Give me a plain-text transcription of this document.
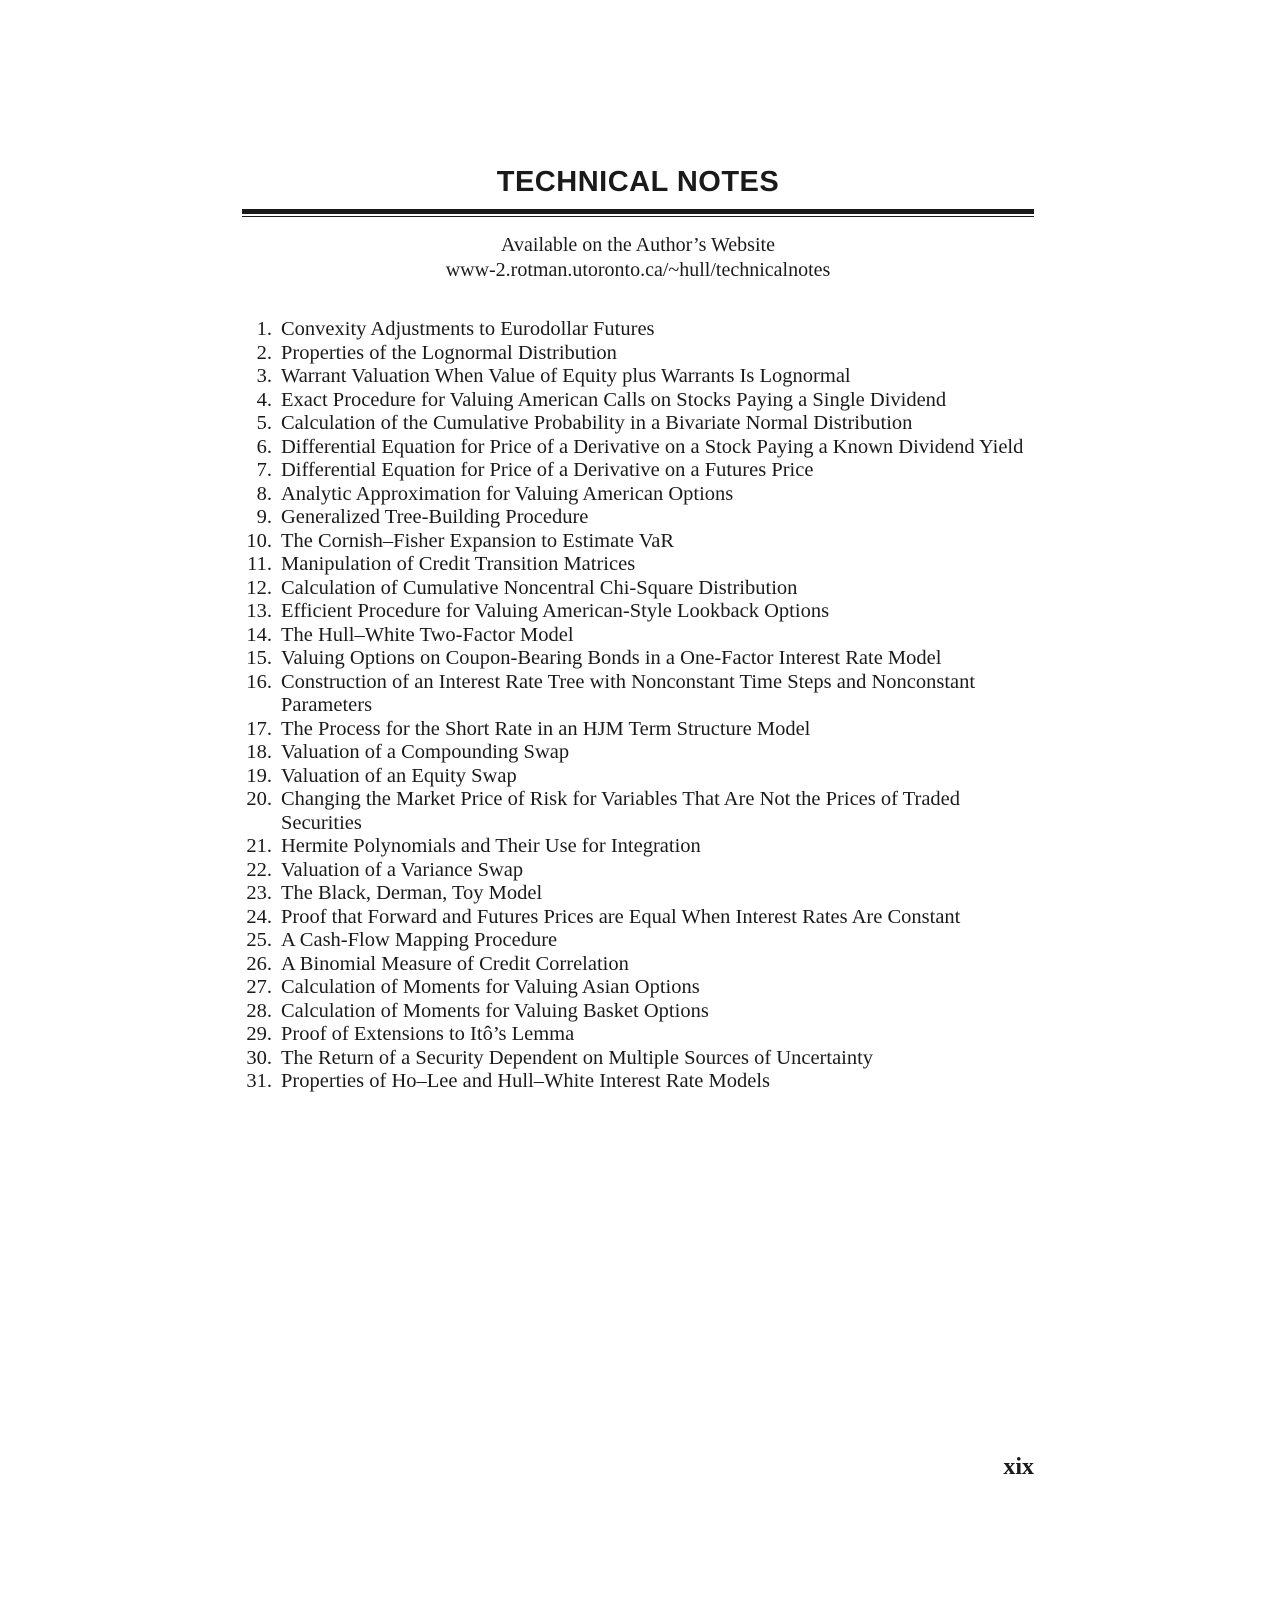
TECHNICAL NOTES
Available on the Author’s Website
www-2.rotman.utoronto.ca/~hull/technicalnotes
1. Convexity Adjustments to Eurodollar Futures
2. Properties of the Lognormal Distribution
3. Warrant Valuation When Value of Equity plus Warrants Is Lognormal
4. Exact Procedure for Valuing American Calls on Stocks Paying a Single Dividend
5. Calculation of the Cumulative Probability in a Bivariate Normal Distribution
6. Differential Equation for Price of a Derivative on a Stock Paying a Known Dividend Yield
7. Differential Equation for Price of a Derivative on a Futures Price
8. Analytic Approximation for Valuing American Options
9. Generalized Tree-Building Procedure
10. The Cornish–Fisher Expansion to Estimate VaR
11. Manipulation of Credit Transition Matrices
12. Calculation of Cumulative Noncentral Chi-Square Distribution
13. Efficient Procedure for Valuing American-Style Lookback Options
14. The Hull–White Two-Factor Model
15. Valuing Options on Coupon-Bearing Bonds in a One-Factor Interest Rate Model
16. Construction of an Interest Rate Tree with Nonconstant Time Steps and Nonconstant Parameters
17. The Process for the Short Rate in an HJM Term Structure Model
18. Valuation of a Compounding Swap
19. Valuation of an Equity Swap
20. Changing the Market Price of Risk for Variables That Are Not the Prices of Traded Securities
21. Hermite Polynomials and Their Use for Integration
22. Valuation of a Variance Swap
23. The Black, Derman, Toy Model
24. Proof that Forward and Futures Prices are Equal When Interest Rates Are Constant
25. A Cash-Flow Mapping Procedure
26. A Binomial Measure of Credit Correlation
27. Calculation of Moments for Valuing Asian Options
28. Calculation of Moments for Valuing Basket Options
29. Proof of Extensions to Itô’s Lemma
30. The Return of a Security Dependent on Multiple Sources of Uncertainty
31. Properties of Ho–Lee and Hull–White Interest Rate Models
xix
